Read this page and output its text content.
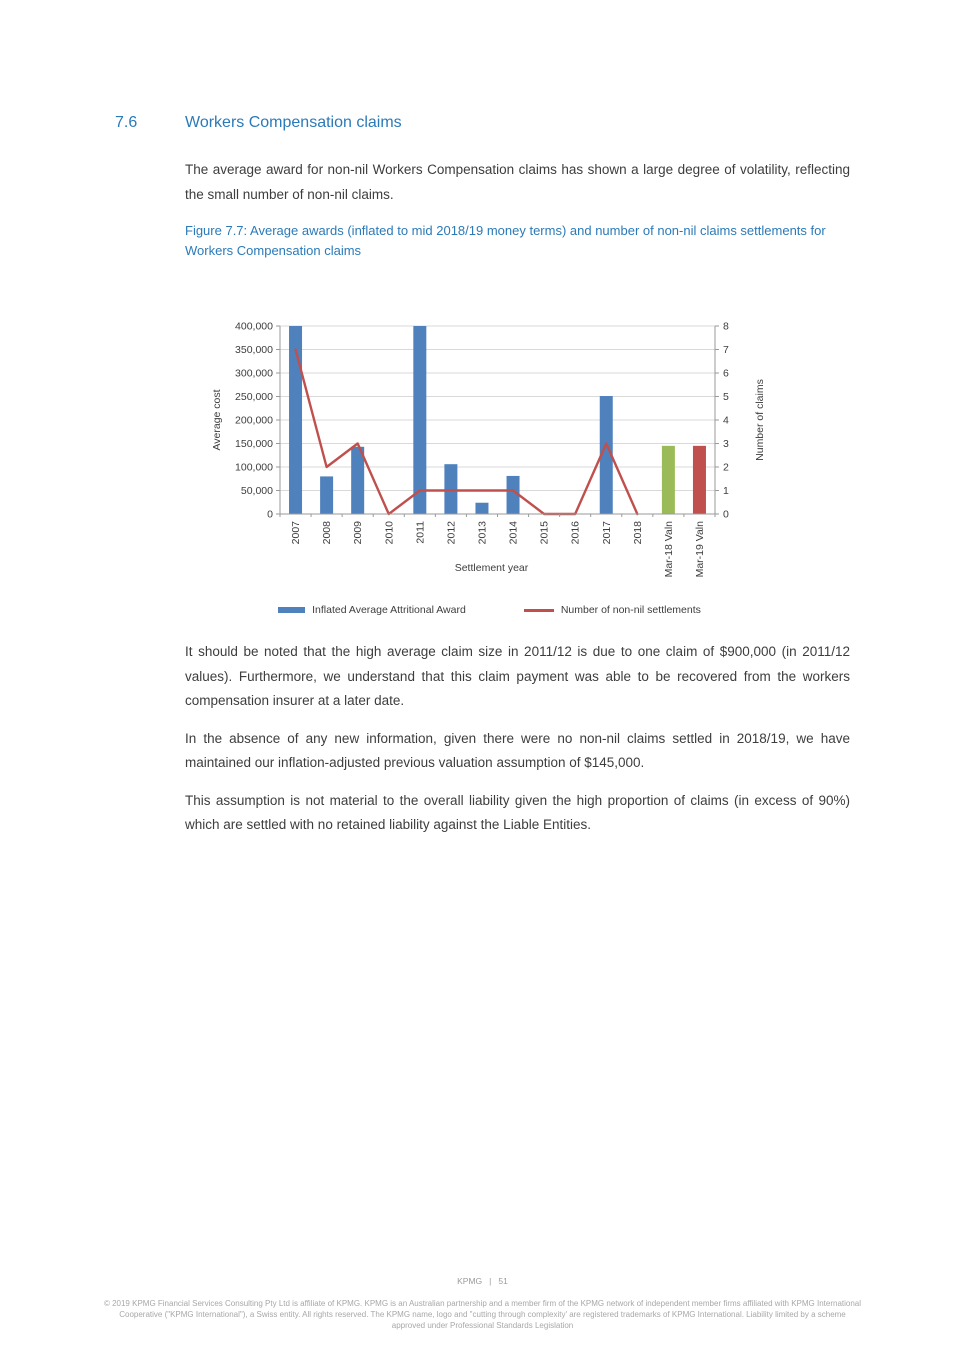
7.6	Workers Compensation claims

The average award for non-nil Workers Compensation claims has shown a large degree of volatility, reflecting the small number of non-nil claims.

Figure 7.7: Average awards (inflated to mid 2018/19 money terms) and number of non-nil claims settlements for Workers Compensation claims
0
50,000
100,000
150,000
200,000
250,000
300,000
350,000
400,000
0
1
2
3
4
5
6
7
8
2007 2008 2009 2010 2011 2012 2013 2014 2015 2016 2017 2018 Mar-18 Valn Mar-19 Valn
Average cost	Number of claims
Settlement year
Inflated Average Attritional Award	Number of non-nil settlements

It should be noted that the high average claim size in 2011/12 is due to one claim of $900,000 (in 2011/12 values). Furthermore, we understand that this claim payment was able to be recovered from the workers compensation insurer at a later date.

In the absence of any new information, given there were no non-nil claims settled in 2018/19, we have maintained our inflation-adjusted previous valuation assumption of $145,000.

This assumption is not material to the overall liability given the high proportion of claims (in excess of 90%) which are settled with no retained liability against the Liable Entities.

KPMG | 51
© 2019 KPMG Financial Services Consulting Pty Ltd is affiliate of KPMG. KPMG is an Australian partnership and a member firm of the KPMG network of independent member firms affiliated with KPMG International Cooperative ("KPMG International"), a Swiss entity. All rights reserved. The KPMG name, logo and "cutting through complexity' are registered trademarks of KPMG International. Liability limited by a scheme approved under Professional Standards Legislation
